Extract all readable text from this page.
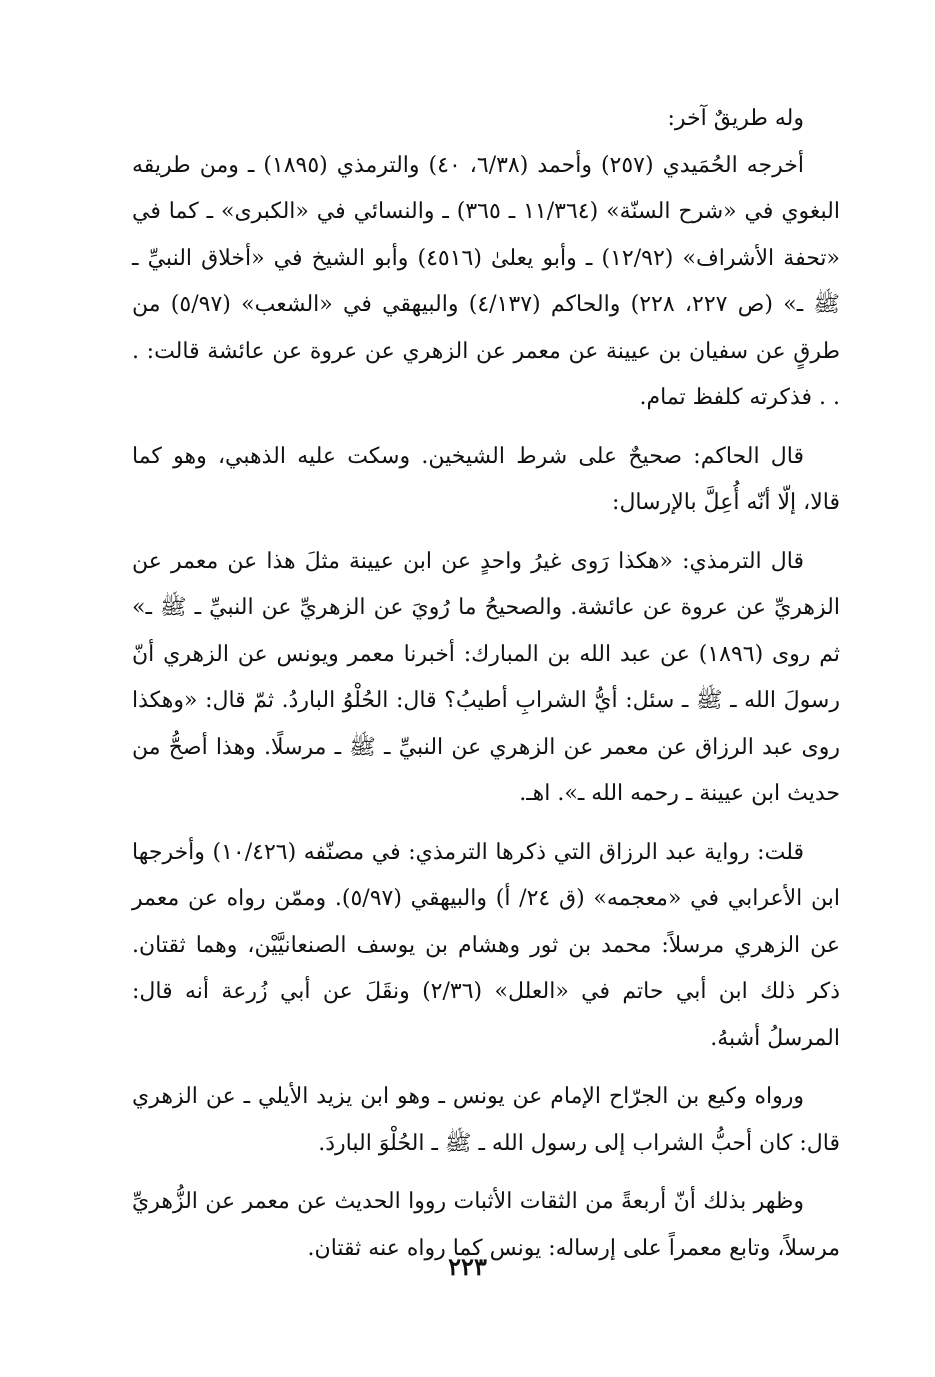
وله طريقٌ آخر:

أخرجه الحُمَيدي (٢٥٧) وأحمد (٦/٣٨، ٤٠) والترمذي (١٨٩٥) ـ ومن طريقه البغوي في «شرح السنّة» (١١/٣٦٤ ـ ٣٦٥) ـ والنسائي في «الكبرى» ـ كما في «تحفة الأشراف» (١٢/٩٢) ـ وأبو يعلىٰ (٤٥١٦) وأبو الشيخ في «أخلاق النبيِّ ـ ﷺ ـ» (ص ٢٢٧، ٢٢٨) والحاكم (٤/١٣٧) والبيهقي في «الشعب» (٥/٩٧) من طرقٍ عن سفيان بن عيينة عن معمر عن الزهري عن عروة عن عائشة قالت: . . . فذكرته كلفظ تمام.

قال الحاكم: صحيحٌ على شرط الشيخين. وسكت عليه الذهبي، وهو كما قالا، إلّا أنّه أُعِلَّ بالإرسال:

قال الترمذي: «هكذا رَوى غيرُ واحدٍ عن ابن عيينة مثلَ هذا عن معمر عن الزهريِّ عن عروة عن عائشة. والصحيحُ ما رُويَ عن الزهريِّ عن النبيِّ ـ ﷺ ـ» ثم روى (١٨٩٦) عن عبد الله بن المبارك: أخبرنا معمر ويونس عن الزهري أنّ رسولَ الله ـ ﷺ ـ سئل: أيُّ الشرابِ أطيبُ؟ قال: الحُلْوُ الباردُ. ثمّ قال: «وهكذا روى عبد الرزاق عن معمر عن الزهري عن النبيِّ ـ ﷺ ـ مرسلًا. وهذا أصحُّ من حديث ابن عيينة ـ رحمه الله ـ». اهـ.

قلت: رواية عبد الرزاق التي ذكرها الترمذي: في مصنّفه (١٠/٤٢٦) وأخرجها ابن الأعرابي في «معجمه» (ق ٢٤/ أ) والبيهقي (٥/٩٧). وممّن رواه عن معمر عن الزهري مرسلاً: محمد بن ثور وهشام بن يوسف الصنعانيَّيْن، وهما ثقتان. ذكر ذلك ابن أبي حاتم في «العلل» (٢/٣٦) ونقَلَ عن أبي زُرعة أنه قال: المرسلُ أشبهُ.

ورواه وكيع بن الجرّاح الإمام عن يونس ـ وهو ابن يزيد الأيلي ـ عن الزهري قال: كان أحبُّ الشراب إلى رسول الله ـ ﷺ ـ الحُلْوَ الباردَ.

وظهر بذلك أنّ أربعةً من الثقات الأثبات رووا الحديث عن معمر عن الزُّهريِّ مرسلاً، وتابع معمراً على إرساله: يونس كما رواه عنه ثقتان.

٢٢٣
